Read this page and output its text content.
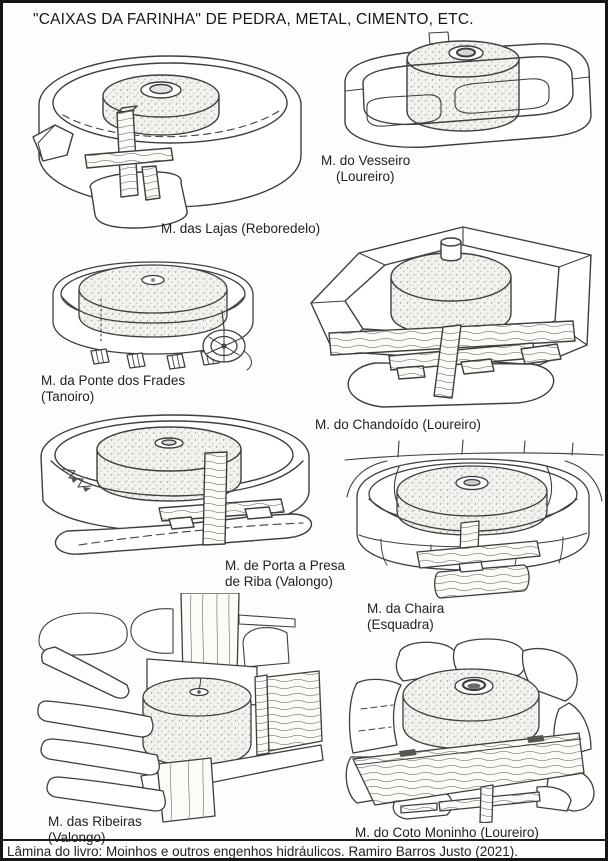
"CAIXAS DA FARINHA" DE PEDRA, METAL, CIMENTO, ETC.
M. das Lajas (Reboredelo)
M. do Vesseiro
(Loureiro)
M. da Ponte dos Frades
(Tanoiro)
M. do Chandoído (Loureiro)
M. de Porta a Presa
de Riba (Valongo)
M. da Chaira
(Esquadra)
M. das Ribeiras
(Valongo)	M. do Coto Moninho (Loureiro)
Lâmina do livro: Moinhos e outros engenhos hidráulicos. Ramiro Barros Justo (2021).
